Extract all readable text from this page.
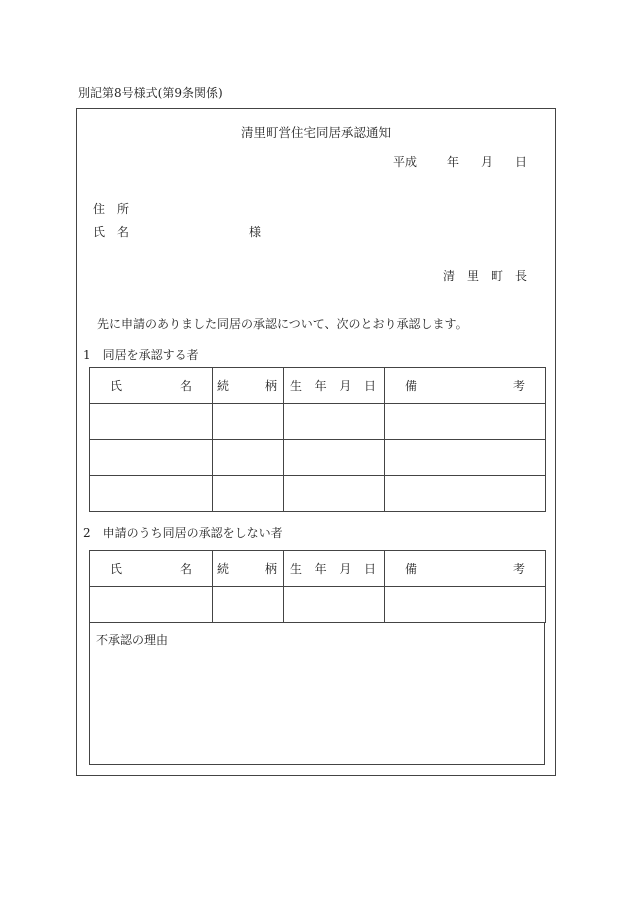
別記第8号様式(第9条関係)
清里町営住宅同居承認通知
平成	年 月 日
住　所
氏　名	様
清　里　町　長
先に申請のありました同居の承認について、次のとおり承認します。
1　同居を承認する者
氏 名	続 柄	生 年 月 日	備 考

2　申請のうち同居の承認をしない者
氏 名	続 柄	生 年 月 日	備 考

不承認の理由
